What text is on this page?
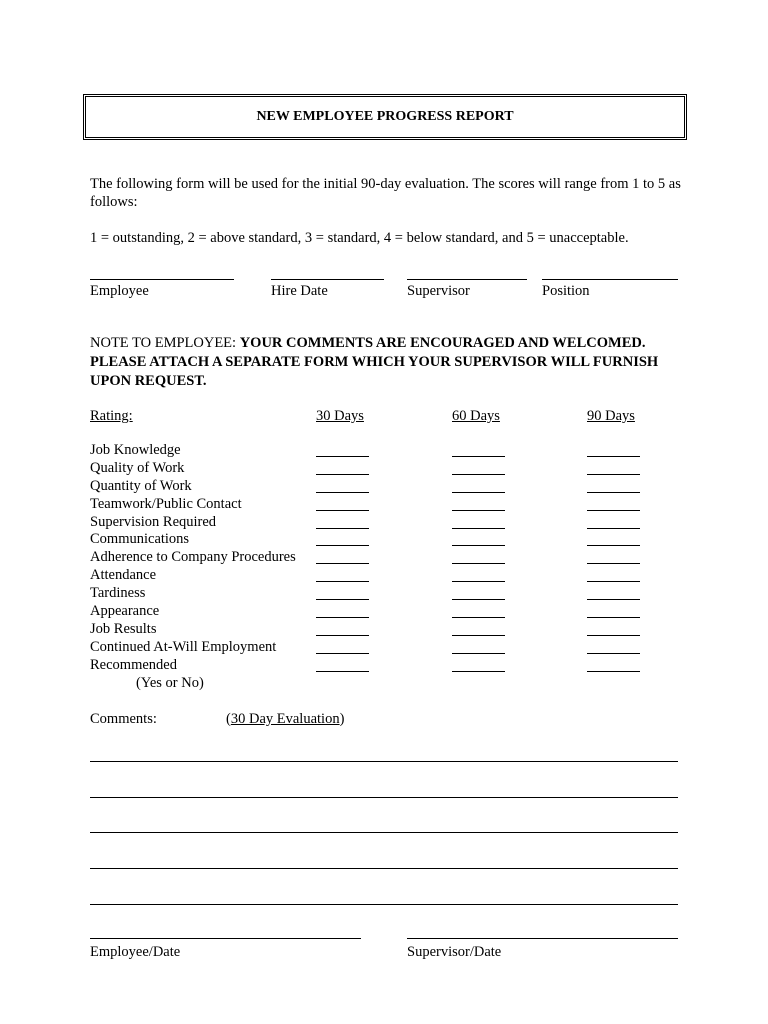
NEW EMPLOYEE PROGRESS REPORT
The following form will be used for the initial 90-day evaluation. The scores will range from 1 to 5 as follows:
1 = outstanding, 2 = above standard, 3 = standard, 4 = below standard, and 5 = unacceptable.
Employee	Hire Date	Supervisor	Position
NOTE TO EMPLOYEE: YOUR COMMENTS ARE ENCOURAGED AND WELCOMED. PLEASE ATTACH A SEPARATE FORM WHICH YOUR SUPERVISOR WILL FURNISH UPON REQUEST.
Rating:	30 Days	60 Days	90 Days
Job Knowledge
Quality of Work
Quantity of Work
Teamwork/Public Contact
Supervision Required
Communications
Adherence to Company Procedures
Attendance
Tardiness
Appearance
Job Results
Continued At-Will Employment
Recommended
(Yes or No)
Comments:	(30 Day Evaluation)
Employee/Date	Supervisor/Date
